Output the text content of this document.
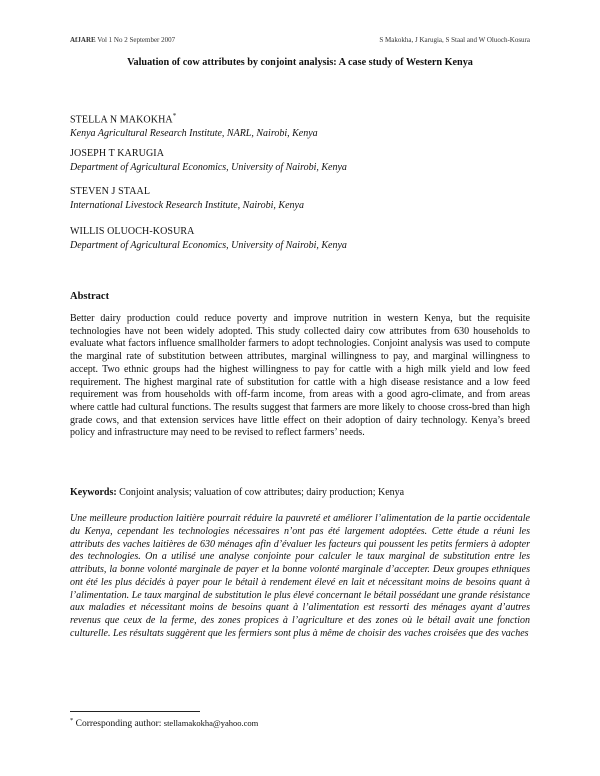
AfJARE Vol 1 No 2 September 2007	S Makokha, J Karugia, S Staal and W Oluoch-Kosura
Valuation of cow attributes by conjoint analysis: A case study of Western Kenya
STELLA N MAKOKHA*
Kenya Agricultural Research Institute, NARL, Nairobi, Kenya
JOSEPH T KARUGIA
Department of Agricultural Economics, University of Nairobi, Kenya
STEVEN J STAAL
International Livestock Research Institute, Nairobi, Kenya
WILLIS OLUOCH-KOSURA
Department of Agricultural Economics, University of Nairobi, Kenya
Abstract
Better dairy production could reduce poverty and improve nutrition in western Kenya, but the requisite technologies have not been widely adopted. This study collected dairy cow attributes from 630 households to evaluate what factors influence smallholder farmers to adopt technologies. Conjoint analysis was used to compute the marginal rate of substitution between attributes, marginal willingness to pay, and marginal willingness to accept. Two ethnic groups had the highest willingness to pay for cattle with a high milk yield and low feed requirement. The highest marginal rate of substitution for cattle with a high disease resistance and a low feed requirement was from households with off-farm income, from areas with a good agro-climate, and from areas where cattle had cultural functions. The results suggest that farmers are more likely to choose cross-bred than high grade cows, and that extension services have little effect on their adoption of dairy technology. Kenya’s breed policy and infrastructure may need to be revised to reflect farmers’ needs.
Keywords: Conjoint analysis; valuation of cow attributes; dairy production; Kenya
Une meilleure production laitière pourrait réduire la pauvreté et améliorer l’alimentation de la partie occidentale du Kenya, cependant les technologies nécessaires n’ont pas été largement adoptées. Cette étude a réuni les attributs des vaches laitières de 630 ménages afin d’évaluer les facteurs qui poussent les petits fermiers à adopter des technologies. On a utilisé une analyse conjointe pour calculer le taux marginal de substitution entre les attributs, la bonne volonté marginale de payer et la bonne volonté marginale d’accepter. Deux groupes ethniques ont été les plus décidés à payer pour le bétail à rendement élevé en lait et nécessitant moins de besoins quant à l’alimentation. Le taux marginal de substitution le plus élevé concernant le bétail possédant une grande résistance aux maladies et nécessitant moins de besoins quant à l’alimentation est ressorti des ménages ayant d’autres revenus que ceux de la ferme, des zones propices à l’agriculture et des zones où le bétail avait une fonction culturelle. Les résultats suggèrent que les fermiers sont plus à même de choisir des vaches croisées que des vaches
* Corresponding author: stellamakokha@yahoo.com
